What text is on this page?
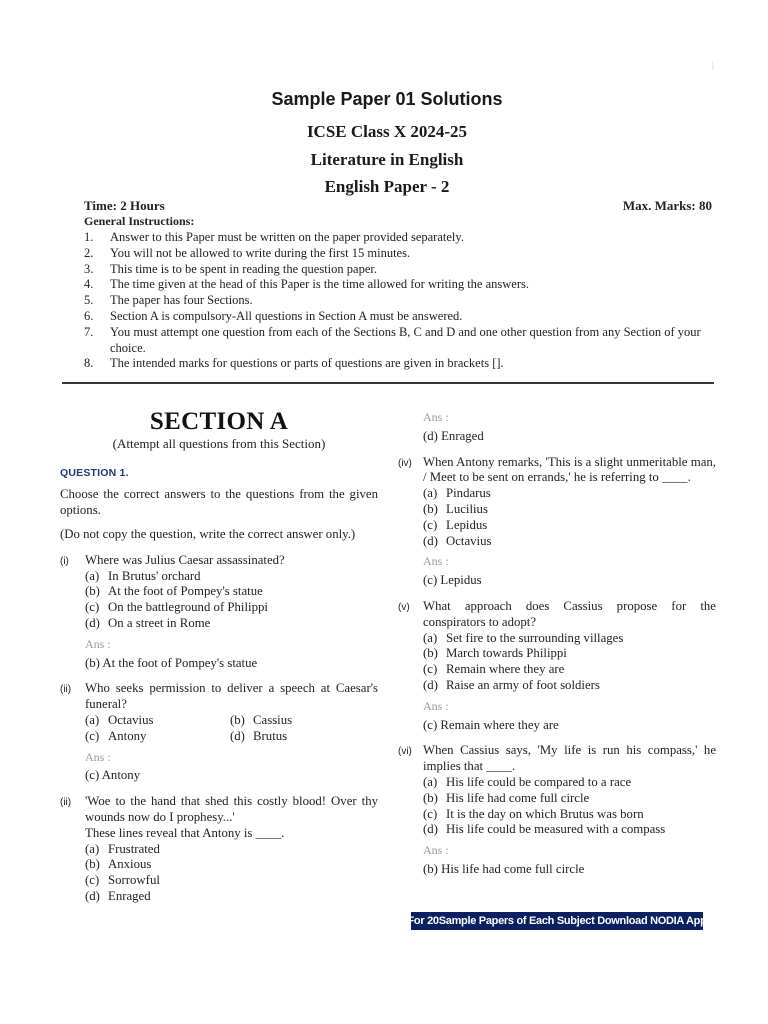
|
Sample Paper 01 Solutions
ICSE Class X 2024-25
Literature in English
English Paper - 2
Time: 2 Hours	Max. Marks: 80
General Instructions:
1.	Answer to this Paper must be written on the paper provided separately.
2.	You will not be allowed to write during the first 15 minutes.
3.	This time is to be spent in reading the question paper.
4.	The time given at the head of this Paper is the time allowed for writing the answers.
5.	The paper has four Sections.
6.	Section A is compulsory-All questions in Section A must be answered.
7.	You must attempt one question from each of the Sections B, C and D and one other question from any Section of your choice.
8.	The intended marks for questions or parts of questions are given in brackets [].
SECTION A
(Attempt all questions from this Section)
QUESTION 1.
Choose the correct answers to the questions from the given options.
(Do not copy the question, write the correct answer only.)
(i)	Where was Julius Caesar assassinated?
(a) In Brutus' orchard
(b) At the foot of Pompey's statue
(c) On the battleground of Philippi
(d) On a street in Rome
Ans :
(b) At the foot of Pompey's statue
(ii)	Who seeks permission to deliver a speech at Caesar's funeral?
(a) Octavius	(b) Cassius
(c) Antony	(d) Brutus
Ans :
(c) Antony
(ii)	'Woe to the hand that shed this costly blood! Over thy wounds now do I prophesy...'
These lines reveal that Antony is ____.
(a) Frustrated
(b) Anxious
(c) Sorrowful
(d) Enraged
Ans :
(d) Enraged
(iv) When Antony remarks, 'This is a slight unmeritable man, / Meet to be sent on errands,' he is referring to ____.
(a) Pindarus
(b) Lucilius
(c) Lepidus
(d) Octavius
Ans :
(c) Lepidus
(v)	What approach does Cassius propose for the conspirators to adopt?
(a) Set fire to the surrounding villages
(b) March towards Philippi
(c) Remain where they are
(d) Raise an army of foot soldiers
Ans :
(c) Remain where they are
(vi) When Cassius says, 'My life is run his compass,' he implies that ____.
(a) His life could be compared to a race
(b) His life had come full circle
(c) It is the day on which Brutus was born
(d) His life could be measured with a compass
Ans :
(b) His life had come full circle
For 20Sample Papers of Each Subject Download NODIA App
